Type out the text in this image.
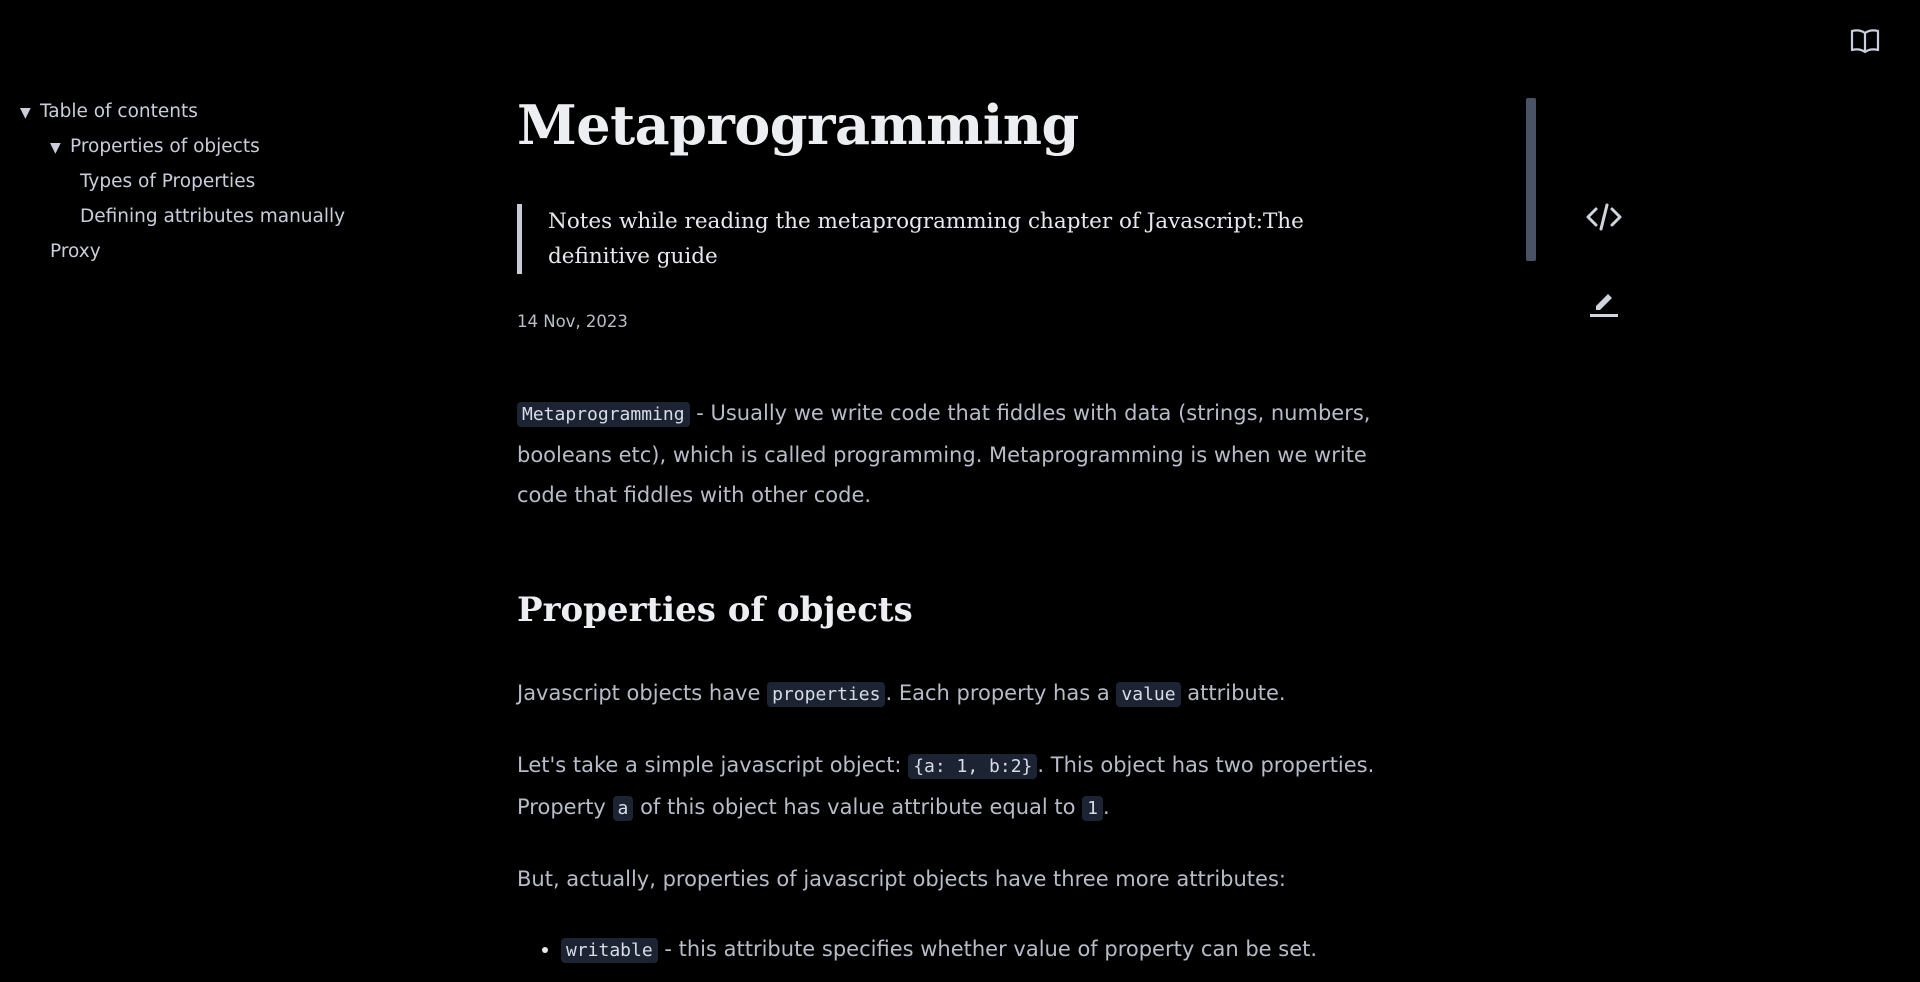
▼ Table of contents
▼ Properties of objects
Types of Properties
Defining attributes manually
Proxy
Metaprogramming
Notes while reading the metaprogramming chapter of Javascript:The definitive guide
14 Nov, 2023

Metaprogramming - Usually we write code that fiddles with data (strings, numbers, booleans etc), which is called programming. Metaprogramming is when we write code that fiddles with other code.

Properties of objects

Javascript objects have properties . Each property has a value attribute.

Let's take a simple javascript object: {a: 1, b:2} . This object has two properties. Property a of this object has value attribute equal to 1 .

But, actually, properties of javascript objects have three more attributes:

• writable - this attribute specifies whether value of property can be set.
